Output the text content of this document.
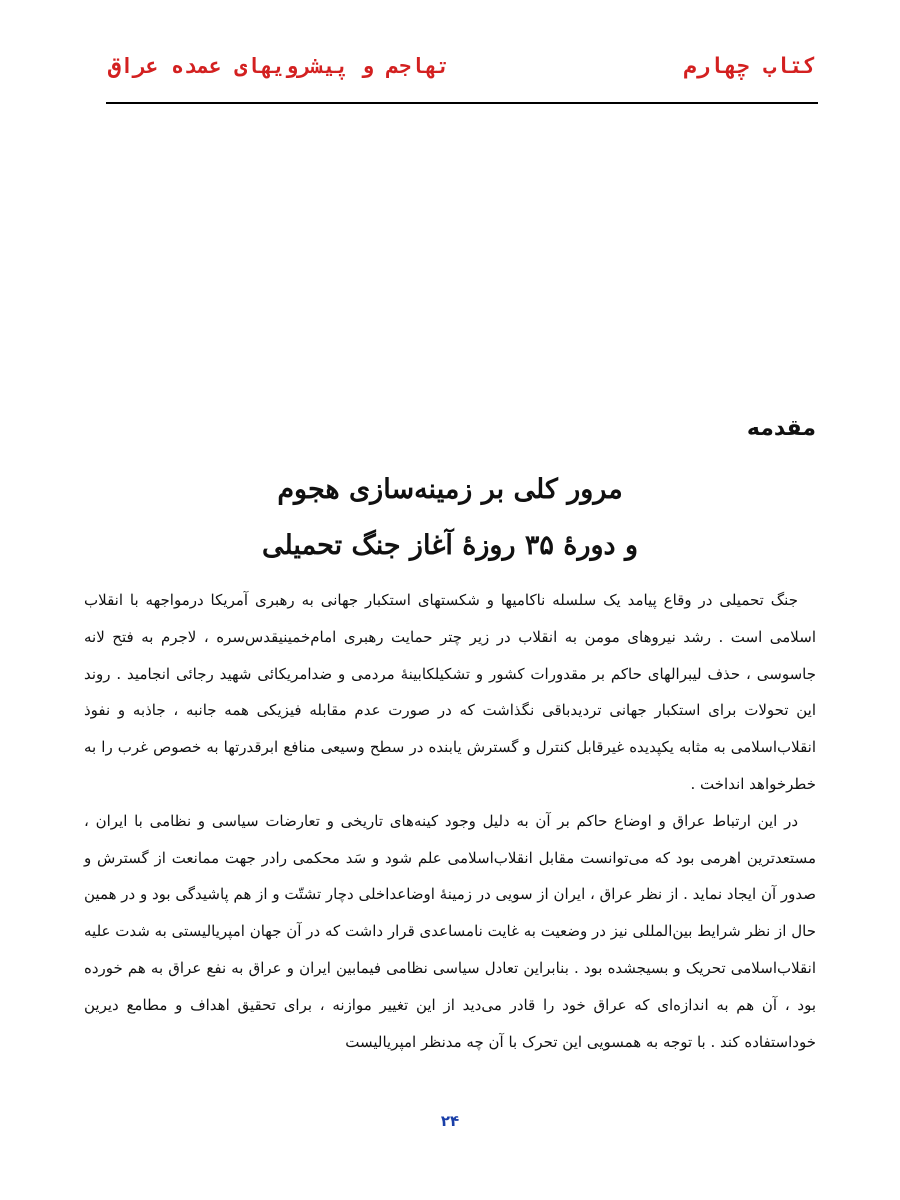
کتاب چهارم
تهاجم و پیشرویهای عمده عراق
مقدمه
مرور کلی بر زمینه‌سازی هجوم
و دورۀ ۳۵ روزۀ آغاز جنگ تحمیلی

جنگ تحمیلی در وقاع پیامد یک سلسله ناکامیها و شکستهای استکبار جهانی به رهبری آمریکا درمواجهه با انقلاب اسلامی است . رشد نیروهای مومن به انقلاب در زیر چتر حمایت رهبری امام‌خمینیقدس‌سره ، لاجرم به فتح لانه جاسوسی ، حذف لیبرالهای حاکم بر مقدورات کشور و تشکیلکابینۀ مردمی و ضدامریکائی شهید رجائی انجامید . روند این تحولات برای استکبار جهانی تردیدباقی نگذاشت که در صورت عدم مقابله فیزیکی همه جانبه ، جاذبه و نفوذ انقلاب‌اسلامی به مثابه یکپدیده غیرقابل کنترل و گسترش یابنده در سطح وسیعی منافع ابرقدرتها به خصوص غرب را به خطرخواهد انداخت .

در این ارتباط عراق و اوضاع حاکم بر آن به دلیل وجود کینه‌های تاریخی و تعارضات سیاسی و نظامی با ایران ، مستعدترین اهرمی بود که می‌توانست مقابل انقلاب‌اسلامی علم شود و سَد محکمی رادر جهت ممانعت از گسترش و صدور آن ایجاد نماید . از نظر عراق ، ایران از سویی در زمینۀ اوضاعداخلی دچار تشتّت و از هم پاشیدگی بود و در همین حال از نظر شرایط بین‌المللی نیز در وضعیت به غایت نامساعدی قرار داشت که در آن جهان امپریالیستی به شدت علیه انقلاب‌اسلامی تحریک و بسیجشده بود . بنابراین تعادل سیاسی نظامی فیمابین ایران و عراق به نفع عراق به هم خورده بود ، آن هم به اندازه‌ای که عراق خود را قادر می‌دید از این تغییر موازنه ، برای تحقیق اهداف و مطامع دیرین خوداستفاده کند . با توجه به همسویی این تحرک با آن چه مدنظر امپریالیست

۲۴
